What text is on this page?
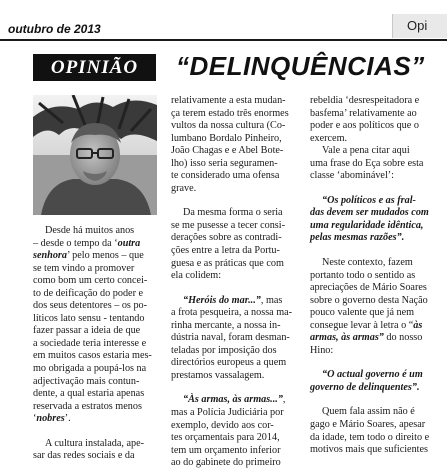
outubro de 2013	Opi
OPINIÃO	“DELINQUÊNCIAS”

Desde há muitos anos

– desde o tempo da ‘outra

senhora’ pelo menos – que

se tem vindo a promover

como bom um certo concei-

to de deificação do poder e

dos seus detentores – os po-

líticos lato sensu - tentando

fazer passar a ideia de que

a sociedade teria interesse e

em muitos casos estaria mes-

mo obrigada a poupá-los na

adjectivação mais contun-

dente, a qual estaria apenas

reservada a estratos menos

‘nobres’.

A cultura instalada, ape-

sar das redes sociais e da

relativamente a esta mudan-

ça terem estado três enormes

vultos da nossa cultura (Co-

lumbano Bordalo Pinheiro,

João Chagas e e Abel Bote-

lho) isso seria seguramen-

te considerado uma ofensa

grave.

Da mesma forma o seria

se me pusesse a tecer consi-

derações sobre as contradi-

ções entre a letra da Portu-

guesa e as práticas que com

ela colidem:

“Heróis do mar...”, mas

a frota pesqueira, a nossa ma-

rinha mercante, a nossa in-

dústria naval, foram desman-

teladas por imposição dos

directórios europeus a quem

prestamos vassalagem.

“Às armas, às armas...”,

mas a Polícia Judiciária por

exemplo, devido aos cor-

tes orçamentais para 2014,

tem um orçamento inferior

ao do gabinete do primeiro

rebeldia ‘desrespeitadora e

basfema’ relativamente ao

poder e aos políticos que o

exercem.

Vale a pena citar aqui

uma frase do Eça sobre esta

classe ‘abominável’:

“Os políticos e as fral-

das devem ser mudados com

uma regularidade idêntica,

pelas mesmas razões”.

Neste contexto, fazem

portanto todo o sentido as

apreciações de Mário Soares

sobre o governo desta Nação

pouco valente que já nem

consegue levar à letra o “às

armas, às armas” do nosso

Hino:

“O actual governo é um

governo de delinquentes”.

Quem fala assim não é

gago e Mário Soares, apesar

da idade, tem todo o direito e

motivos mais que suficientes
